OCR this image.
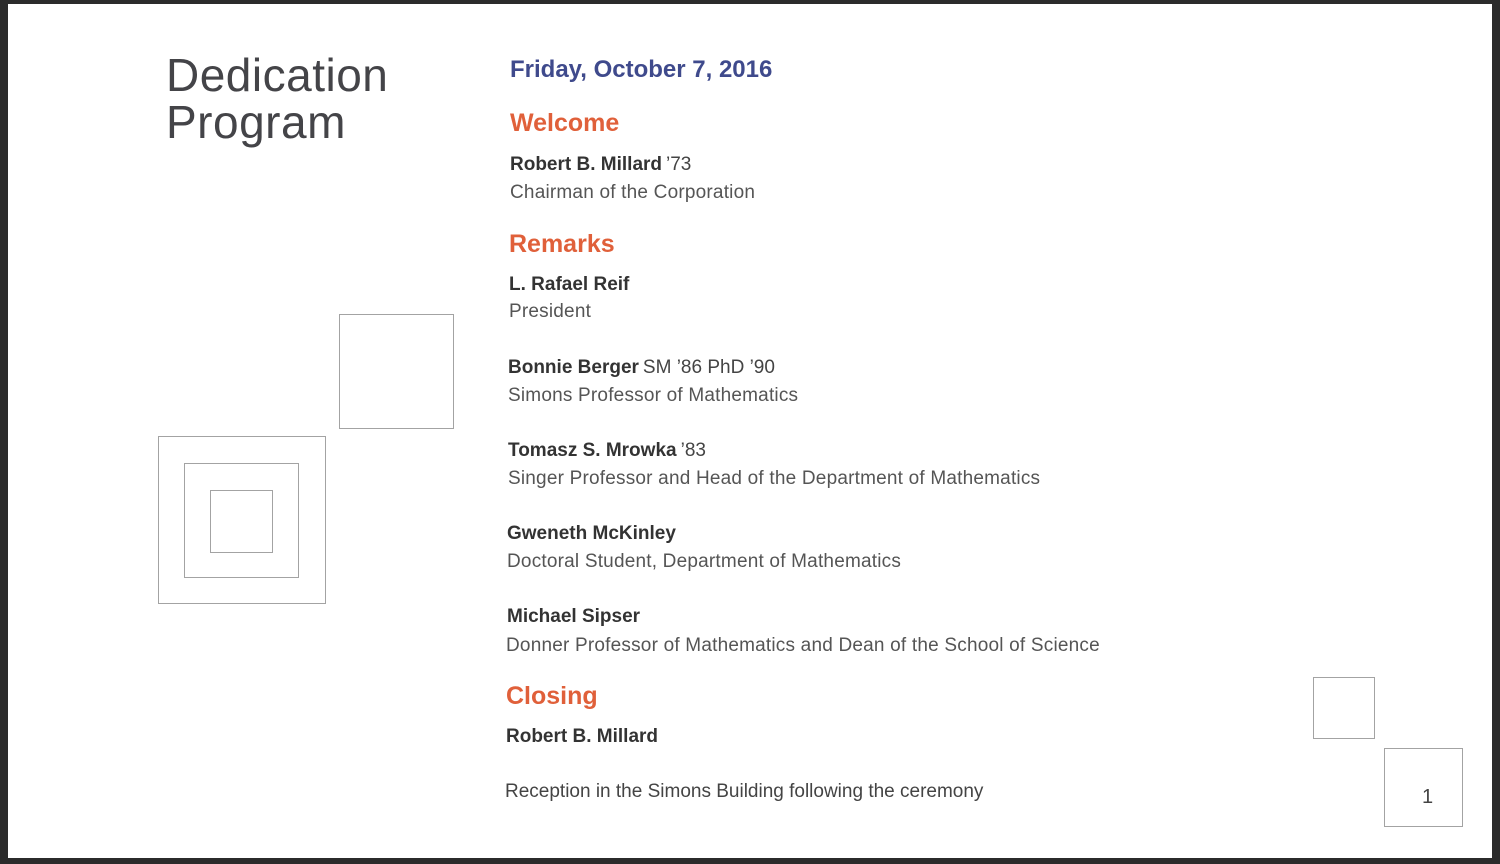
Dedication
Program
1
Friday, October 7, 2016
Welcome
Robert B. Millard ’73
Chairman of the Corporation
Remarks
L. Rafael Reif
President
Bonnie Berger SM ’86 PhD ’90
Simons Professor of Mathematics
Tomasz S. Mrowka ’83
Singer Professor and Head of the Department of Mathematics
Gweneth McKinley
Doctoral Student, Department of Mathematics
Michael Sipser
Donner Professor of Mathematics and Dean of the School of Science
Closing
Robert B. Millard
Reception in the Simons Building following the ceremony
